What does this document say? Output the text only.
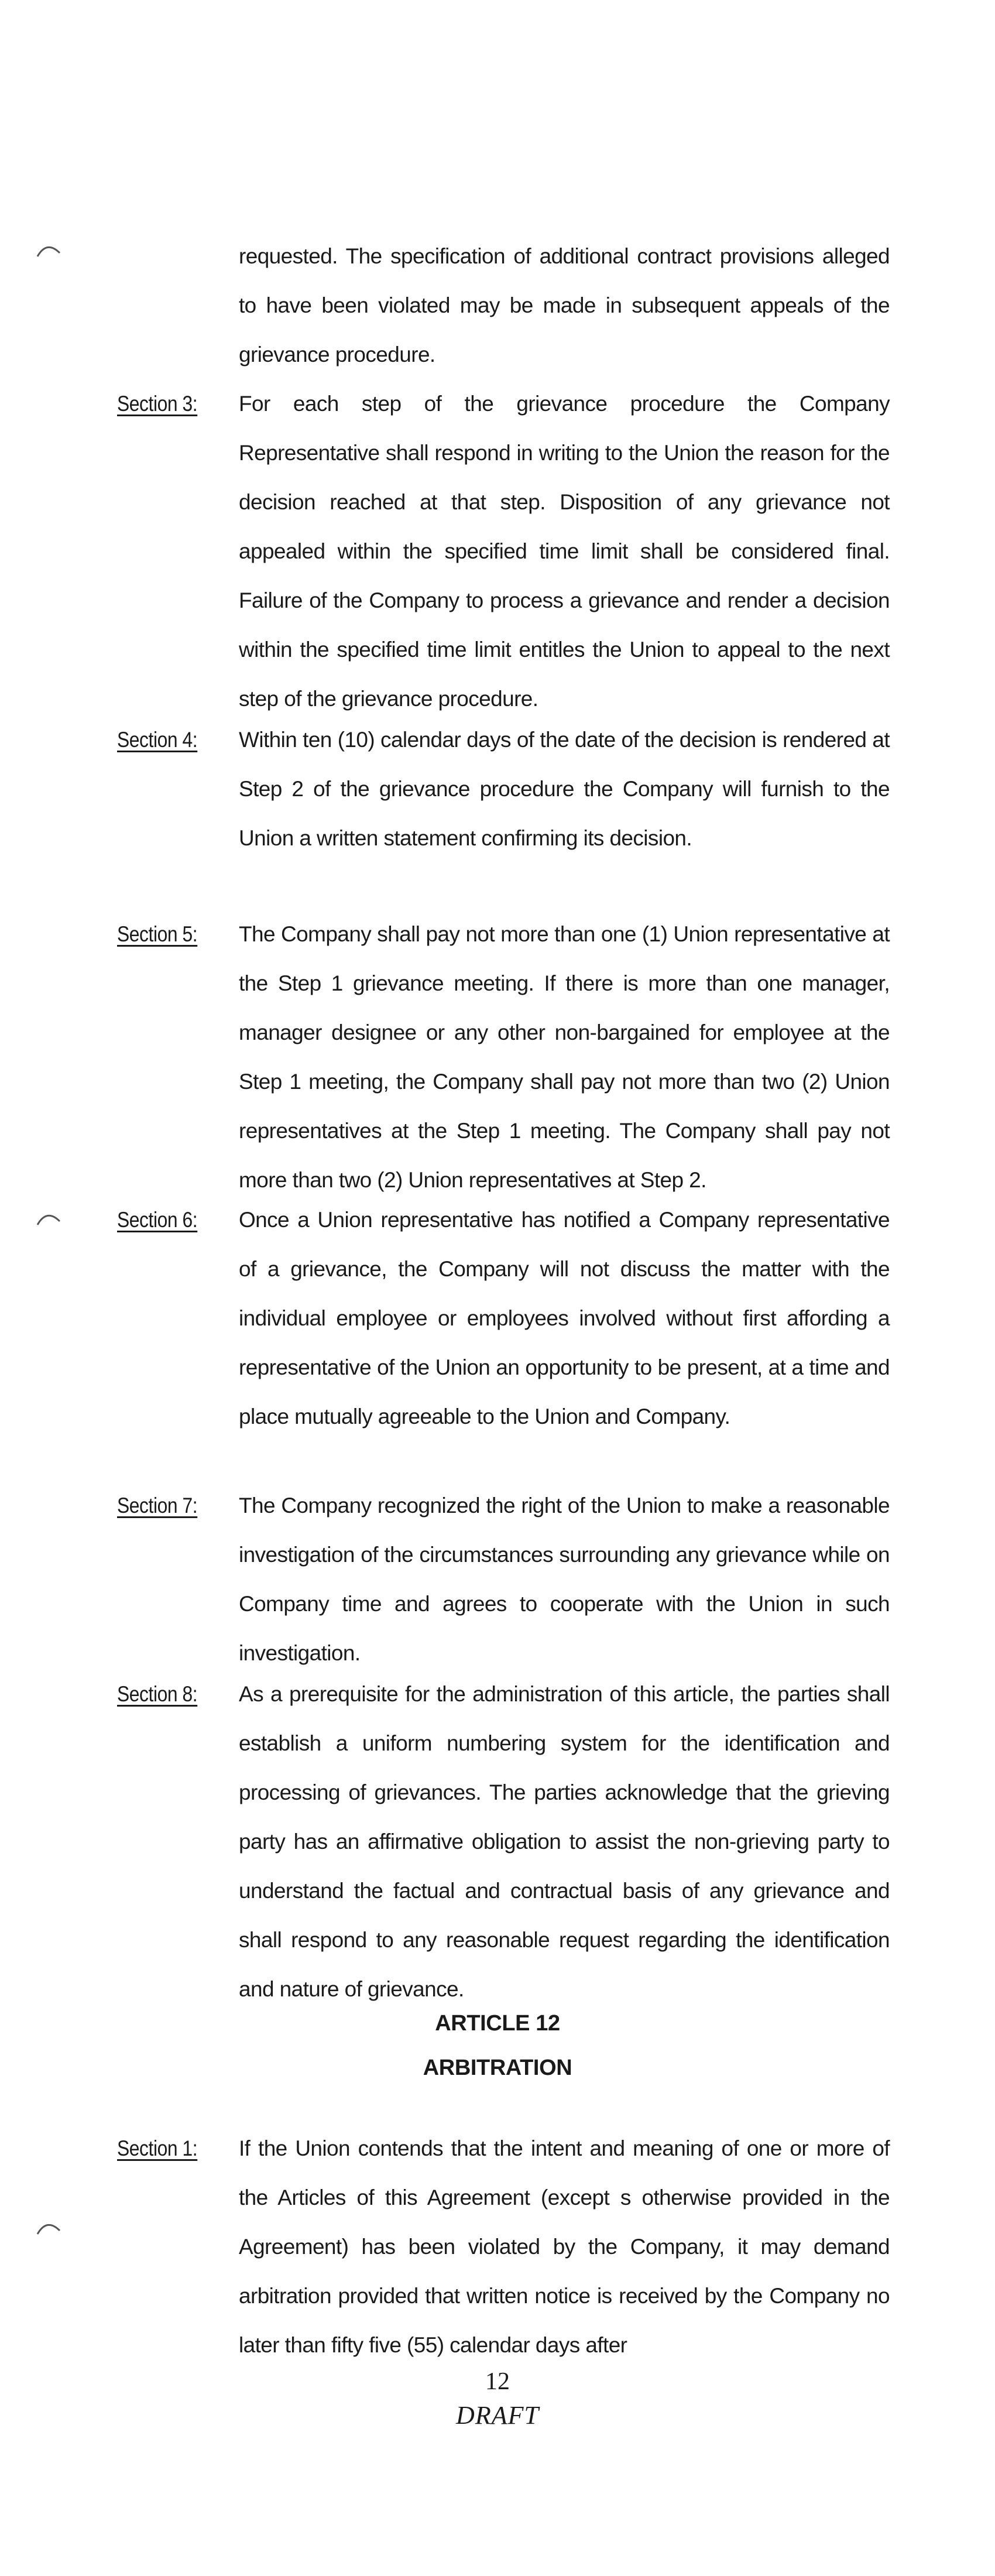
requested. The specification of additional contract provisions alleged to have been violated may be made in subsequent appeals of the grievance procedure.
Section 3:	For each step of the grievance procedure the Company Representative shall respond in writing to the Union the reason for the decision reached at that step. Disposition of any grievance not appealed within the specified time limit shall be considered final. Failure of the Company to process a grievance and render a decision within the specified time limit entitles the Union to appeal to the next step of the grievance procedure.
Section 4:	Within ten (10) calendar days of the date of the decision is rendered at Step 2 of the grievance procedure the Company will furnish to the Union a written statement confirming its decision.
Section 5:	The Company shall pay not more than one (1) Union representative at the Step 1 grievance meeting. If there is more than one manager, manager designee or any other non-bargained for employee at the Step 1 meeting, the Company shall pay not more than two (2) Union representatives at the Step 1 meeting. The Company shall pay not more than two (2) Union representatives at Step 2.
Section 6:	Once a Union representative has notified a Company representative of a grievance, the Company will not discuss the matter with the individual employee or employees involved without first affording a representative of the Union an opportunity to be present, at a time and place mutually agreeable to the Union and Company.
Section 7:	The Company recognized the right of the Union to make a reasonable investigation of the circumstances surrounding any grievance while on Company time and agrees to cooperate with the Union in such investigation.
Section 8:	As a prerequisite for the administration of this article, the parties shall establish a uniform numbering system for the identification and processing of grievances. The parties acknowledge that the grieving party has an affirmative obligation to assist the non-grieving party to understand the factual and contractual basis of any grievance and shall respond to any reasonable request regarding the identification and nature of grievance.
ARTICLE 12
ARBITRATION
Section 1:	If the Union contends that the intent and meaning of one or more of the Articles of this Agreement (except s otherwise provided in the Agreement) has been violated by the Company, it may demand arbitration provided that written notice is received by the Company no later than fifty five (55) calendar days after
12
DRAFT
